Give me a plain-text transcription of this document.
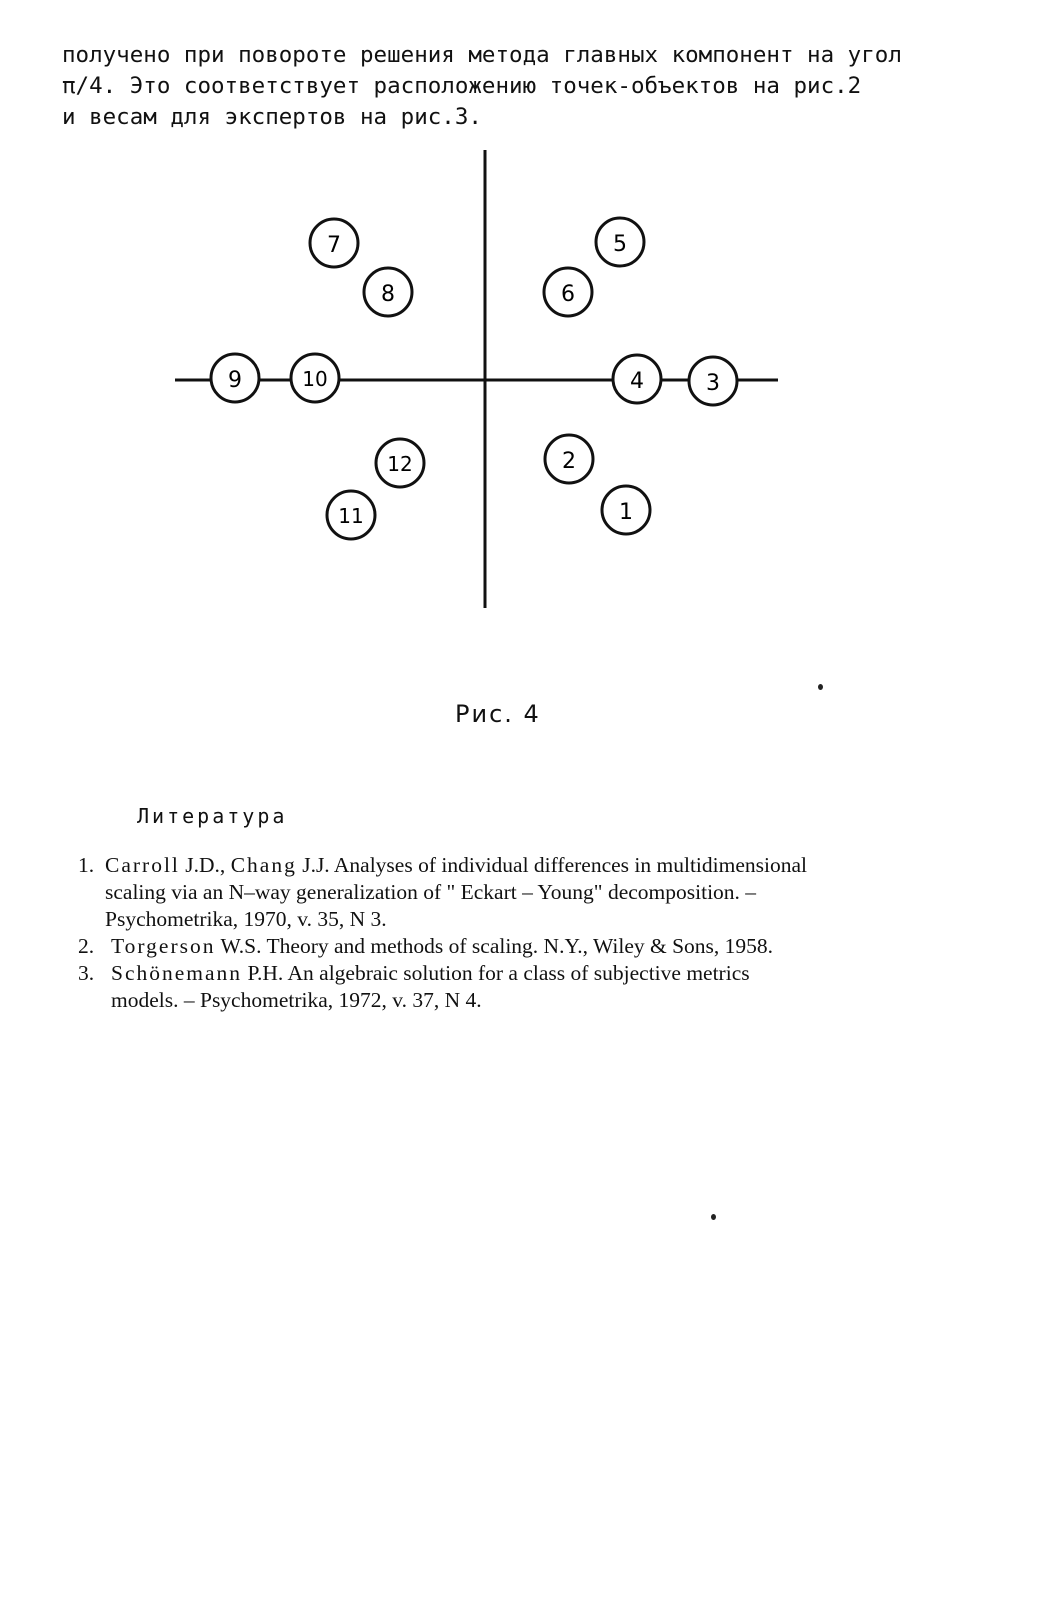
получено при повороте решения метода главных компонент на угол
π/4. Это соответствует расположению точек-объектов на рис.2
и весам для экспертов на рис.3.
7
8
5
6
9	10	4	3
12	2
11	1
Рис. 4
Литература
1. Carroll J.D., Chang J.J. Analyses of individual differences in multidimensional
scaling via an N–way generalization of " Eckart – Young" decomposition. –
Psychometrika, 1970, v. 35, N 3.
2. Torgerson W.S. Theory and methods of scaling. N.Y., Wiley & Sons, 1958.
3. Schönemann P.H. An algebraic solution for a class of subjective metrics
models. – Psychometrika, 1972, v. 37, N 4.
